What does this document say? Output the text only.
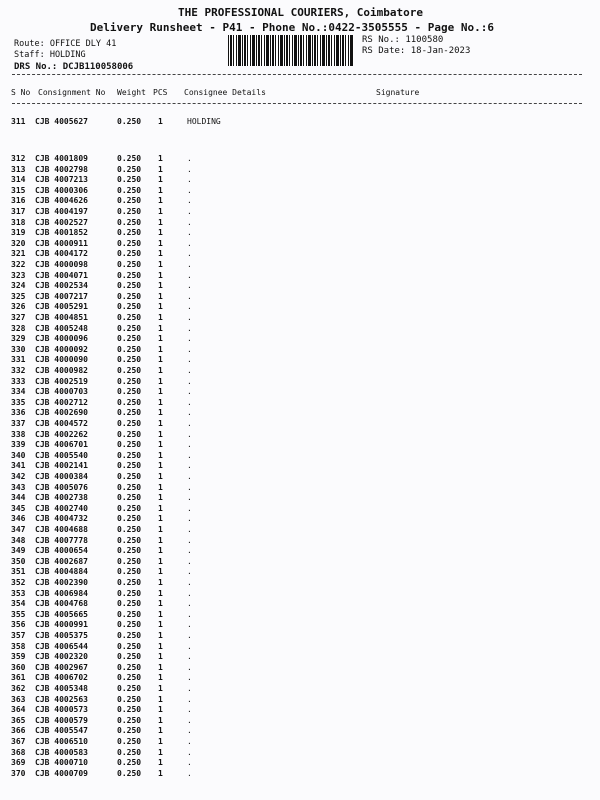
THE PROFESSIONAL COURIERS, Coimbatore
Delivery Runsheet - P41 - Phone No.:0422-3505555 - Page No.:6
Route: OFFICE DLY 41
Staff: HOLDING
DRS No.: DCJB110058006
RS No.: 1100580
RS Date: 18-Jan-2023
S No Consignment No Weight PCS Consignee Details	Signature
311 CJB 4005627	0.250 1	HOLDING
312 CJB 4001809	0.250 1	.
313 CJB 4002798	0.250 1	.
314 CJB 4007213	0.250 1	.
315 CJB 4000306	0.250 1	.
316 CJB 4004626	0.250 1	.
317 CJB 4004197	0.250 1	.
318 CJB 4002527	0.250 1	.
319 CJB 4001852	0.250 1	.
320 CJB 4000911	0.250 1	.
321 CJB 4004172	0.250 1	.
322 CJB 4000098	0.250 1	.
323 CJB 4004071	0.250 1	.
324 CJB 4002534	0.250 1	.
325 CJB 4007217	0.250 1	.
326 CJB 4005291	0.250 1	.
327 CJB 4004851	0.250 1	.
328 CJB 4005248	0.250 1	.
329 CJB 4000096	0.250 1	.
330 CJB 4000092	0.250 1	.
331 CJB 4000090	0.250 1	.
332 CJB 4000982	0.250 1	.
333 CJB 4002519	0.250 1	.
334 CJB 4000703	0.250 1	.
335 CJB 4002712	0.250 1	.
336 CJB 4002690	0.250 1	.
337 CJB 4004572	0.250 1	.
338 CJB 4002262	0.250 1	.
339 CJB 4006701	0.250 1	.
340 CJB 4005540	0.250 1	.
341 CJB 4002141	0.250 1	.
342 CJB 4000384	0.250 1	.
343 CJB 4005076	0.250 1	.
344 CJB 4002738	0.250 1	.
345 CJB 4002740	0.250 1	.
346 CJB 4004732	0.250 1	.
347 CJB 4004688	0.250 1	.
348 CJB 4007778	0.250 1	.
349 CJB 4000654	0.250 1	.
350 CJB 4002687	0.250 1	.
351 CJB 4004884	0.250 1	.
352 CJB 4002390	0.250 1	.
353 CJB 4006984	0.250 1	.
354 CJB 4004768	0.250 1	.
355 CJB 4005665	0.250 1	.
356 CJB 4000991	0.250 1	.
357 CJB 4005375	0.250 1	.
358 CJB 4006544	0.250 1	.
359 CJB 4002320	0.250 1	.
360 CJB 4002967	0.250 1	.
361 CJB 4006702	0.250 1	.
362 CJB 4005348	0.250 1	.
363 CJB 4002563	0.250 1	.
364 CJB 4000573	0.250 1	.
365 CJB 4000579	0.250 1	.
366 CJB 4005547	0.250 1	.
367 CJB 4006510	0.250 1	.
368 CJB 4000583	0.250 1	.
369 CJB 4000710	0.250 1	.
370 CJB 4000709	0.250 1	.
